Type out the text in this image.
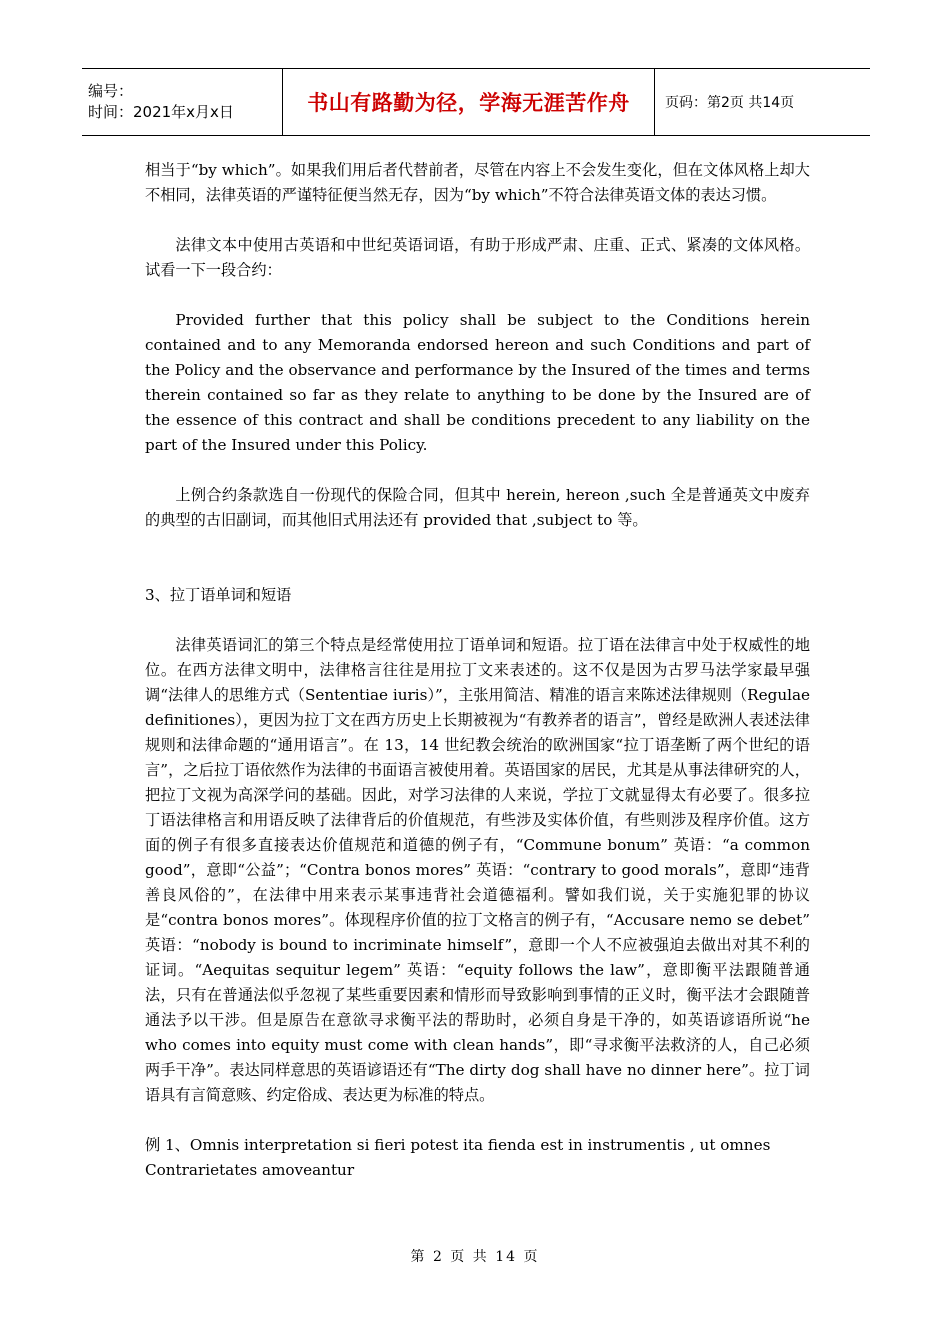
编号：
时间：2021年x月x日	书山有路勤为径，学海无涯苦作舟	页码：第2页 共14页

相当于“by which”。如果我们用后者代替前者，尽管在内容上不会发生变化，但在文体风格上却大不相同，法律英语的严谨特征便当然无存，因为“by which”不符合法律英语文体的表达习惯。

法律文本中使用古英语和中世纪英语词语，有助于形成严肃、庄重、正式、紧凑的文体风格。试看一下一段合约：

Provided further that this policy shall be subject to the Conditions herein contained and to any Memoranda endorsed hereon and such Conditions and part of the Policy and the observance and performance by the Insured of the times and terms therein contained so far as they relate to anything to be done by the Insured are of the essence of this contract and shall be conditions precedent to any liability on the part of the Insured under this Policy.

上例合约条款选自一份现代的保险合同，但其中 herein, hereon ,such 全是普通英文中废弃的典型的古旧副词，而其他旧式用法还有 provided that ,subject to 等。

3、拉丁语单词和短语

法律英语词汇的第三个特点是经常使用拉丁语单词和短语。拉丁语在法律言中处于权威性的地位。在西方法律文明中，法律格言往往是用拉丁文来表述的。这不仅是因为古罗马法学家最早强调“法律人的思维方式（Sententiae iuris）”，主张用简洁、精准的语言来陈述法律规则（Regulae definitiones），更因为拉丁文在西方历史上长期被视为“有教养者的语言”，曾经是欧洲人表述法律规则和法律命题的“通用语言”。在 13，14 世纪教会统治的欧洲国家“拉丁语垄断了两个世纪的语言”，之后拉丁语依然作为法律的书面语言被使用着。英语国家的居民，尤其是从事法律研究的人，把拉丁文视为高深学问的基础。因此，对学习法律的人来说，学拉丁文就显得太有必要了。很多拉丁语法律格言和用语反映了法律背后的价值规范，有些涉及实体价值，有些则涉及程序价值。这方面的例子有很多直接表达价值规范和道德的例子有，“Commune bonum” 英语：“a common good”，意即“公益”；“Contra bonos mores” 英语：“contrary to good morals”，意即“违背善良风俗的”，在法律中用来表示某事违背社会道德福利。譬如我们说，关于实施犯罪的协议是“contra bonos mores”。体现程序价值的拉丁文格言的例子有，“Accusare nemo se debet” 英语：“nobody is bound to incriminate himself”，意即一个人不应被强迫去做出对其不利的证词。“Aequitas sequitur legem” 英语：“equity follows the law”，意即衡平法跟随普通法，只有在普通法似乎忽视了某些重要因素和情形而导致影响到事情的正义时，衡平法才会跟随普通法予以干涉。但是原告在意欲寻求衡平法的帮助时，必须自身是干净的，如英语谚语所说“he who comes into equity must come with clean hands”，即“寻求衡平法救济的人，自己必须两手干净”。表达同样意思的英语谚语还有“The dirty dog shall have no dinner here”。拉丁词语具有言简意赅、约定俗成、表达更为标准的特点。

例 1、Omnis interpretation si fieri potest ita fienda est in instrumentis , ut omnes

Contrarietates amoveantur

第 2 页 共 14 页
